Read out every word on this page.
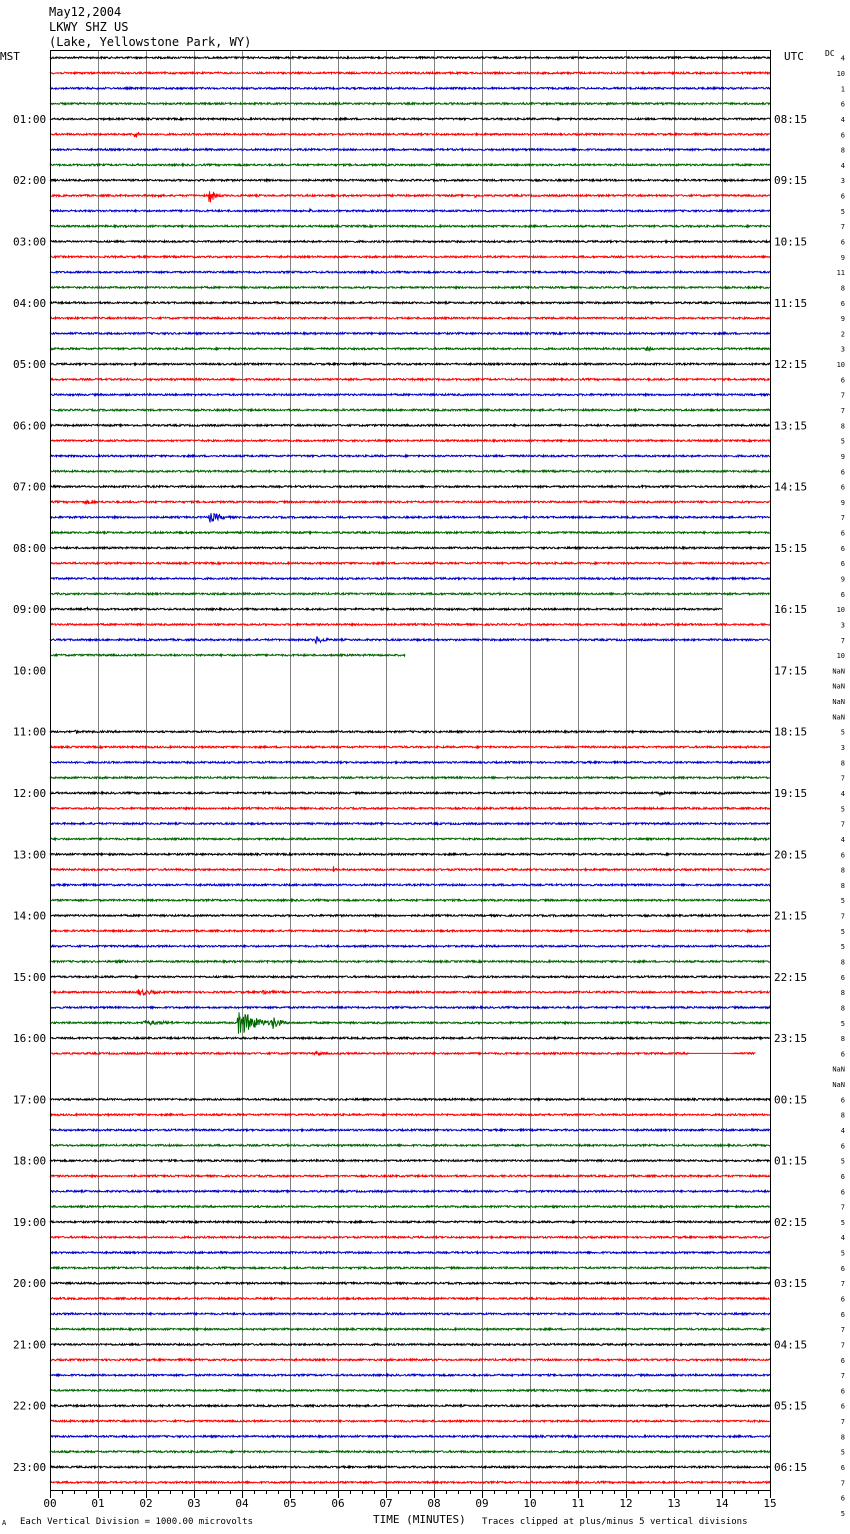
01:00
02:00
03:00
04:00
05:00
06:00
07:00
08:00
09:00
10:00
11:00
12:00
13:00
14:00
15:00
16:00
17:00
18:00
19:00
20:00
21:00
22:00
23:00
08:15
09:15
10:15
11:15
12:15
13:15
14:15
15:15
16:15
17:15
18:15
19:15
20:15
21:15
22:15
23:15
00:15
01:15
02:15
03:15
04:15
05:15
06:15
4
10
1
6
4
6
8
4
3
6
5
7
6
9
11
8
6
9
2
3
10
6
7
7
8
5
9
6
6
9
7
6
6
6
9
6
10
3
7
10
NaN
NaN
NaN
NaN
5
3
8
7
4
5
7
4
6
8
8
5
7
5
5
8
6
8
8
5
8
6
NaN
NaN
6
8
4
6
5
6
6
7
5
4
5
6
7
6
6
7
7
6
7
6
6
7
8
5
6
7
6
5
00	01	02	03	04	05	06	07	08	09	10	11	12	13	14	15
May12,2004
LKWY SHZ US
(Lake, Yellowstone Park, WY)
MST	UTC	DC
A Each Vertical Division = 1000.00 microvolts	TIME (MINUTES) Traces clipped at plus/minus 5 vertical divisions
